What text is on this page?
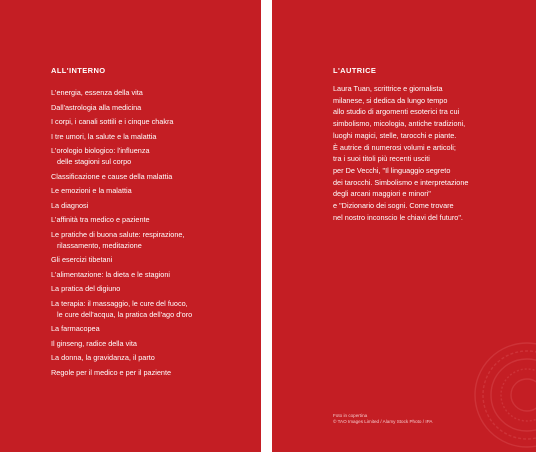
ALL'INTERNO
L'energia, essenza della vita
Dall'astrologia alla medicina
I corpi, i canali sottili e i cinque chakra
I tre umori, la salute e la malattia
L'orologio biologico: l'influenza
delle stagioni sul corpo
Classificazione e cause della malattia
Le emozioni e la malattia
La diagnosi
L'affinità tra medico e paziente
Le pratiche di buona salute: respirazione,
rilassamento, meditazione
Gli esercizi tibetani
L'alimentazione: la dieta e le stagioni
La pratica del digiuno
La terapia: il massaggio, le cure del fuoco,
le cure dell'acqua, la pratica dell'ago d'oro
La farmacopea
Il ginseng, radice della vita
La donna, la gravidanza, il parto
Regole per il medico e per il paziente
L'AUTRICE
Laura Tuan, scrittrice e giornalista
milanese, si dedica da lungo tempo
allo studio di argomenti esoterici tra cui
simbolismo, micologia, antiche tradizioni,
luoghi magici, stelle, tarocchi e piante.
È autrice di numerosi volumi e articoli;
tra i suoi titoli più recenti usciti
per De Vecchi, "Il linguaggio segreto
dei tarocchi. Simbolismo e interpretazione
degli arcani maggiori e minori"
e "Dizionario dei sogni. Come trovare
nel nostro inconscio le chiavi del futuro".
Foto in copertina
© TAO Images Limited / Alamy Stock Photo / IPA
